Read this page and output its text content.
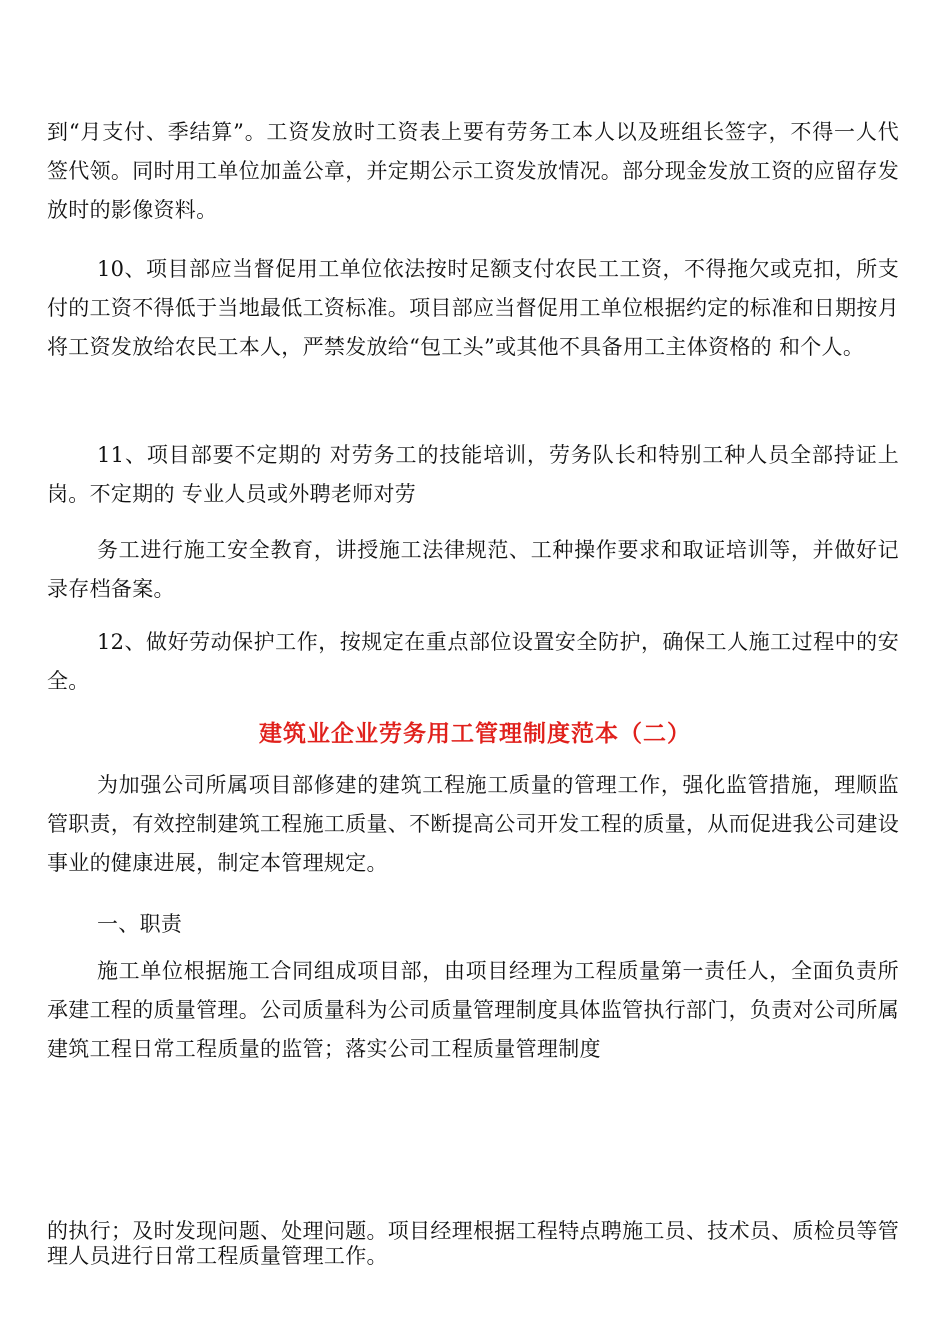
到“月支付、季结算”。工资发放时工资表上要有劳务工本人以及班组长签字，不得一人代签代领。同时用工单位加盖公章，并定期公示工资发放情况。部分现金发放工资的应留存发放时的影像资料。

10、项目部应当督促用工单位依法按时足额支付农民工工资，不得拖欠或克扣，所支付的工资不得低于当地最低工资标准。项目部应当督促用工单位根据约定的标准和日期按月将工资发放给农民工本人，严禁发放给“包工头”或其他不具备用工主体资格的 和个人。

11、项目部要不定期的 对劳务工的技能培训，劳务队长和特别工种人员全部持证上岗。不定期的 专业人员或外聘老师对劳

务工进行施工安全教育，讲授施工法律规范、工种操作要求和取证培训等，并做好记录存档备案。

12、做好劳动保护工作，按规定在重点部位设置安全防护，确保工人施工过程中的安全。

建筑业企业劳务用工管理制度范本（二）

为加强公司所属项目部修建的建筑工程施工质量的管理工作，强化监管措施，理顺监管职责，有效控制建筑工程施工质量、不断提高公司开发工程的质量，从而促进我公司建设事业的健康进展，制定本管理规定。

一、职责

施工单位根据施工合同组成项目部，由项目经理为工程质量第一责任人，全面负责所承建工程的质量管理。公司质量科为公司质量管理制度具体监管执行部门，负责对公司所属建筑工程日常工程质量的监管；落实公司工程质量管理制度

的执行；及时发现问题、处理问题。项目经理根据工程特点聘施工员、技术员、质检员等管理人员进行日常工程质量管理工作。
